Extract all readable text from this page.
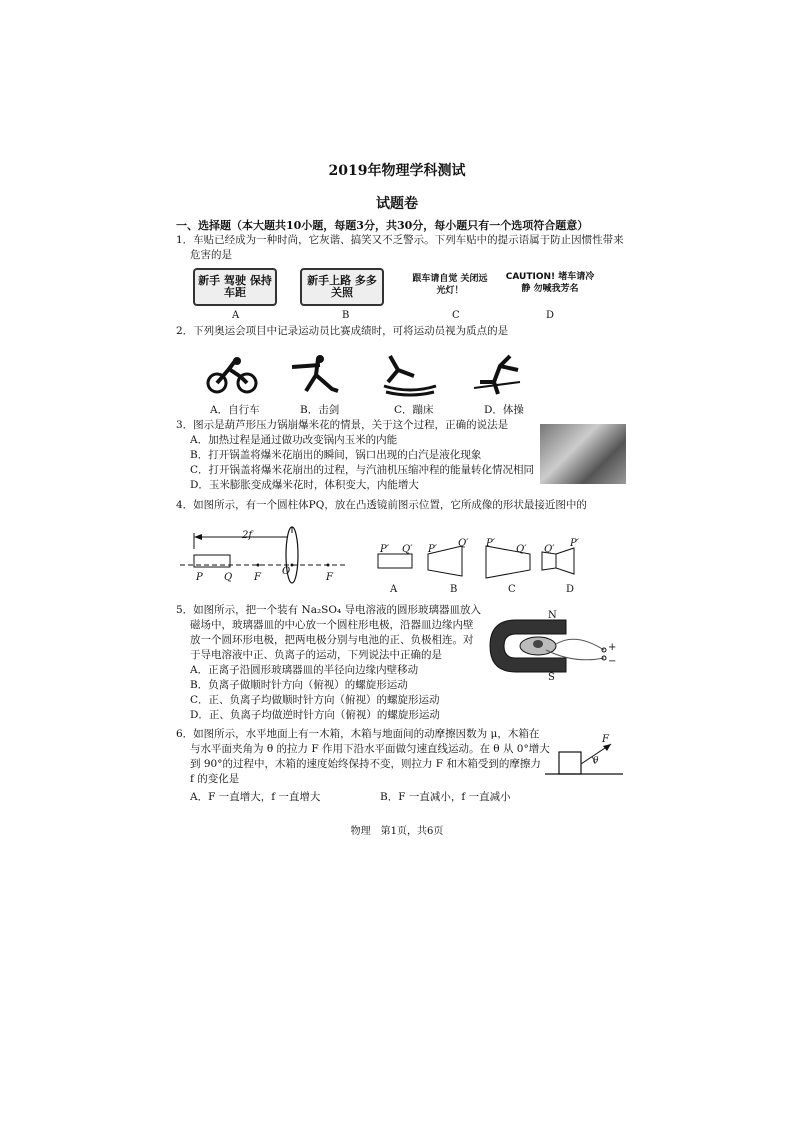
2019年物理学科测试
试题卷
一、选择题（本大题共10小题，每题3分，共30分，每小题只有一个选项符合题意）
1．车贴已经成为一种时尚，它灰谐、搞笑又不乏警示。下列车贴中的提示语属于防止因惯性带来
危害的是
新手 驾驶 保持车距
新手上路 多多关照
跟车请自觉 关闭远光灯！
CAUTION! 堵车请冷静 勿喊我芳名
A	B	C	D
2．下列奥运会项目中记录运动员比赛成绩时，可将运动员视为质点的是
A．自行车	B．击剑	C．蹦床	D．体操
3．图示是葫芦形压力锅崩爆米花的情景，关于这个过程，正确的说法是
A．加热过程是通过做功改变锅内玉米的内能
B．打开锅盖将爆米花崩出的瞬间，锅口出现的白汽是液化现象
C．打开锅盖将爆米花崩出的过程，与汽油机压缩冲程的能量转化情况相同
D．玉米膨胀变成爆米花时，体积变大，内能增大
4．如图所示，有一个圆柱体PQ，放在凸透镜前图示位置，它所成像的形状最接近图中的
2f
P Q F
O
F
P′ Q′ P′
Q′ P′
Q′ Q′
P′
A	B	C	D
5．如图所示，把一个装有 Na₂SO₄ 导电溶液的圆形玻璃器皿放入
磁场中，玻璃器皿的中心放一个圆柱形电极，沿器皿边缘内壁
放一个圆环形电极，把两电极分别与电池的正、负极相连。对
于导电溶液中正、负离子的运动，下列说法中正确的是
A．正离子沿圆形玻璃器皿的半径向边缘内壁移动
B．负离子做顺时针方向（俯视）的螺旋形运动
C．正、负离子均做顺时针方向（俯视）的螺旋形运动
D．正、负离子均做逆时针方向（俯视）的螺旋形运动
N
S
+
−
6．如图所示，水平地面上有一木箱，木箱与地面间的动摩擦因数为 μ，木箱在
与水平面夹角为 θ 的拉力 F 作用下沿水平面做匀速直线运动。在 θ 从 0°增大
到 90°的过程中，木箱的速度始终保持不变，则拉力 F 和木箱受到的摩擦力
f 的变化是
F
θ
A．F 一直增大，f 一直增大	B．F 一直减小，f 一直减小
物理　第1页，共6页
